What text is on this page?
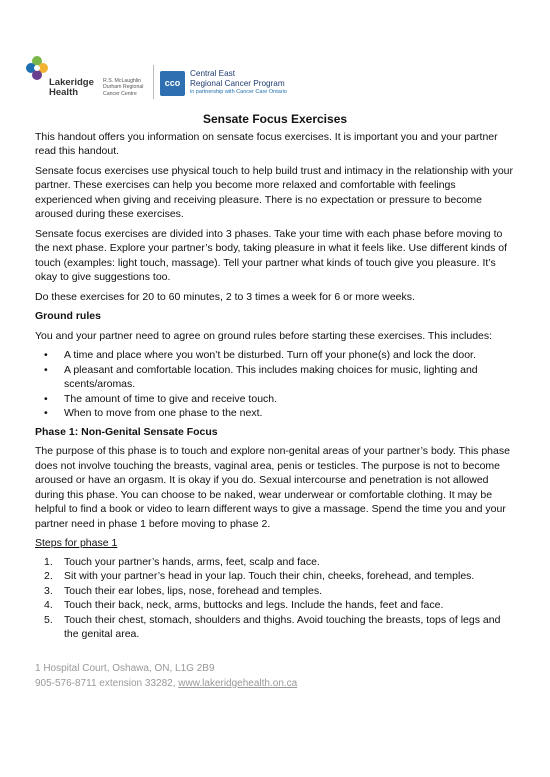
Lakeridge
Health
R.S. McLaughlin
Durham Regional
Cancer Centre
cco
Central East
Regional Cancer Program
in partnership with Cancer Care Ontario
Sensate Focus Exercises

This handout offers you information on sensate focus exercises. It is important you and your partner read this handout.

Sensate focus exercises use physical touch to help build trust and intimacy in the relationship with your partner. These exercises can help you become more relaxed and comfortable with feelings experienced when giving and receiving pleasure. There is no expectation or pressure to become aroused during these exercises.

Sensate focus exercises are divided into 3 phases. Take your time with each phase before moving to the next phase. Explore your partner’s body, taking pleasure in what it feels like. Use different kinds of touch (examples: light touch, massage). Tell your partner what kinds of touch give you pleasure. It’s okay to give suggestions too.

Do these exercises for 20 to 60 minutes, 2 to 3 times a week for 6 or more weeks.

Ground rules

You and your partner need to agree on ground rules before starting these exercises. This includes:

• A time and place where you won’t be disturbed. Turn off your phone(s) and lock the door.
• A pleasant and comfortable location. This includes making choices for music, lighting and scents/aromas.
• The amount of time to give and receive touch.
• When to move from one phase to the next.
Phase 1: Non-Genital Sensate Focus

The purpose of this phase is to touch and explore non-genital areas of your partner’s body. This phase does not involve touching the breasts, vaginal area, penis or testicles. The purpose is not to become aroused or have an orgasm. It is okay if you do. Sexual intercourse and penetration is not allowed during this phase. You can choose to be naked, wear underwear or comfortable clothing. It may be helpful to find a book or video to learn different ways to give a massage. Spend the time you and your partner need in phase 1 before moving to phase 2.

Steps for phase 1

1. Touch your partner’s hands, arms, feet, scalp and face.
2. Sit with your partner’s head in your lap. Touch their chin, cheeks, forehead, and temples.
3. Touch their ear lobes, lips, nose, forehead and temples.
4. Touch their back, neck, arms, buttocks and legs. Include the hands, feet and face.
5. Touch their chest, stomach, shoulders and thighs. Avoid touching the breasts, tops of legs and the genital area.
1 Hospital Court, Oshawa, ON, L1G 2B9
905-576-8711 extension 33282, www.lakeridgehealth.on.ca
